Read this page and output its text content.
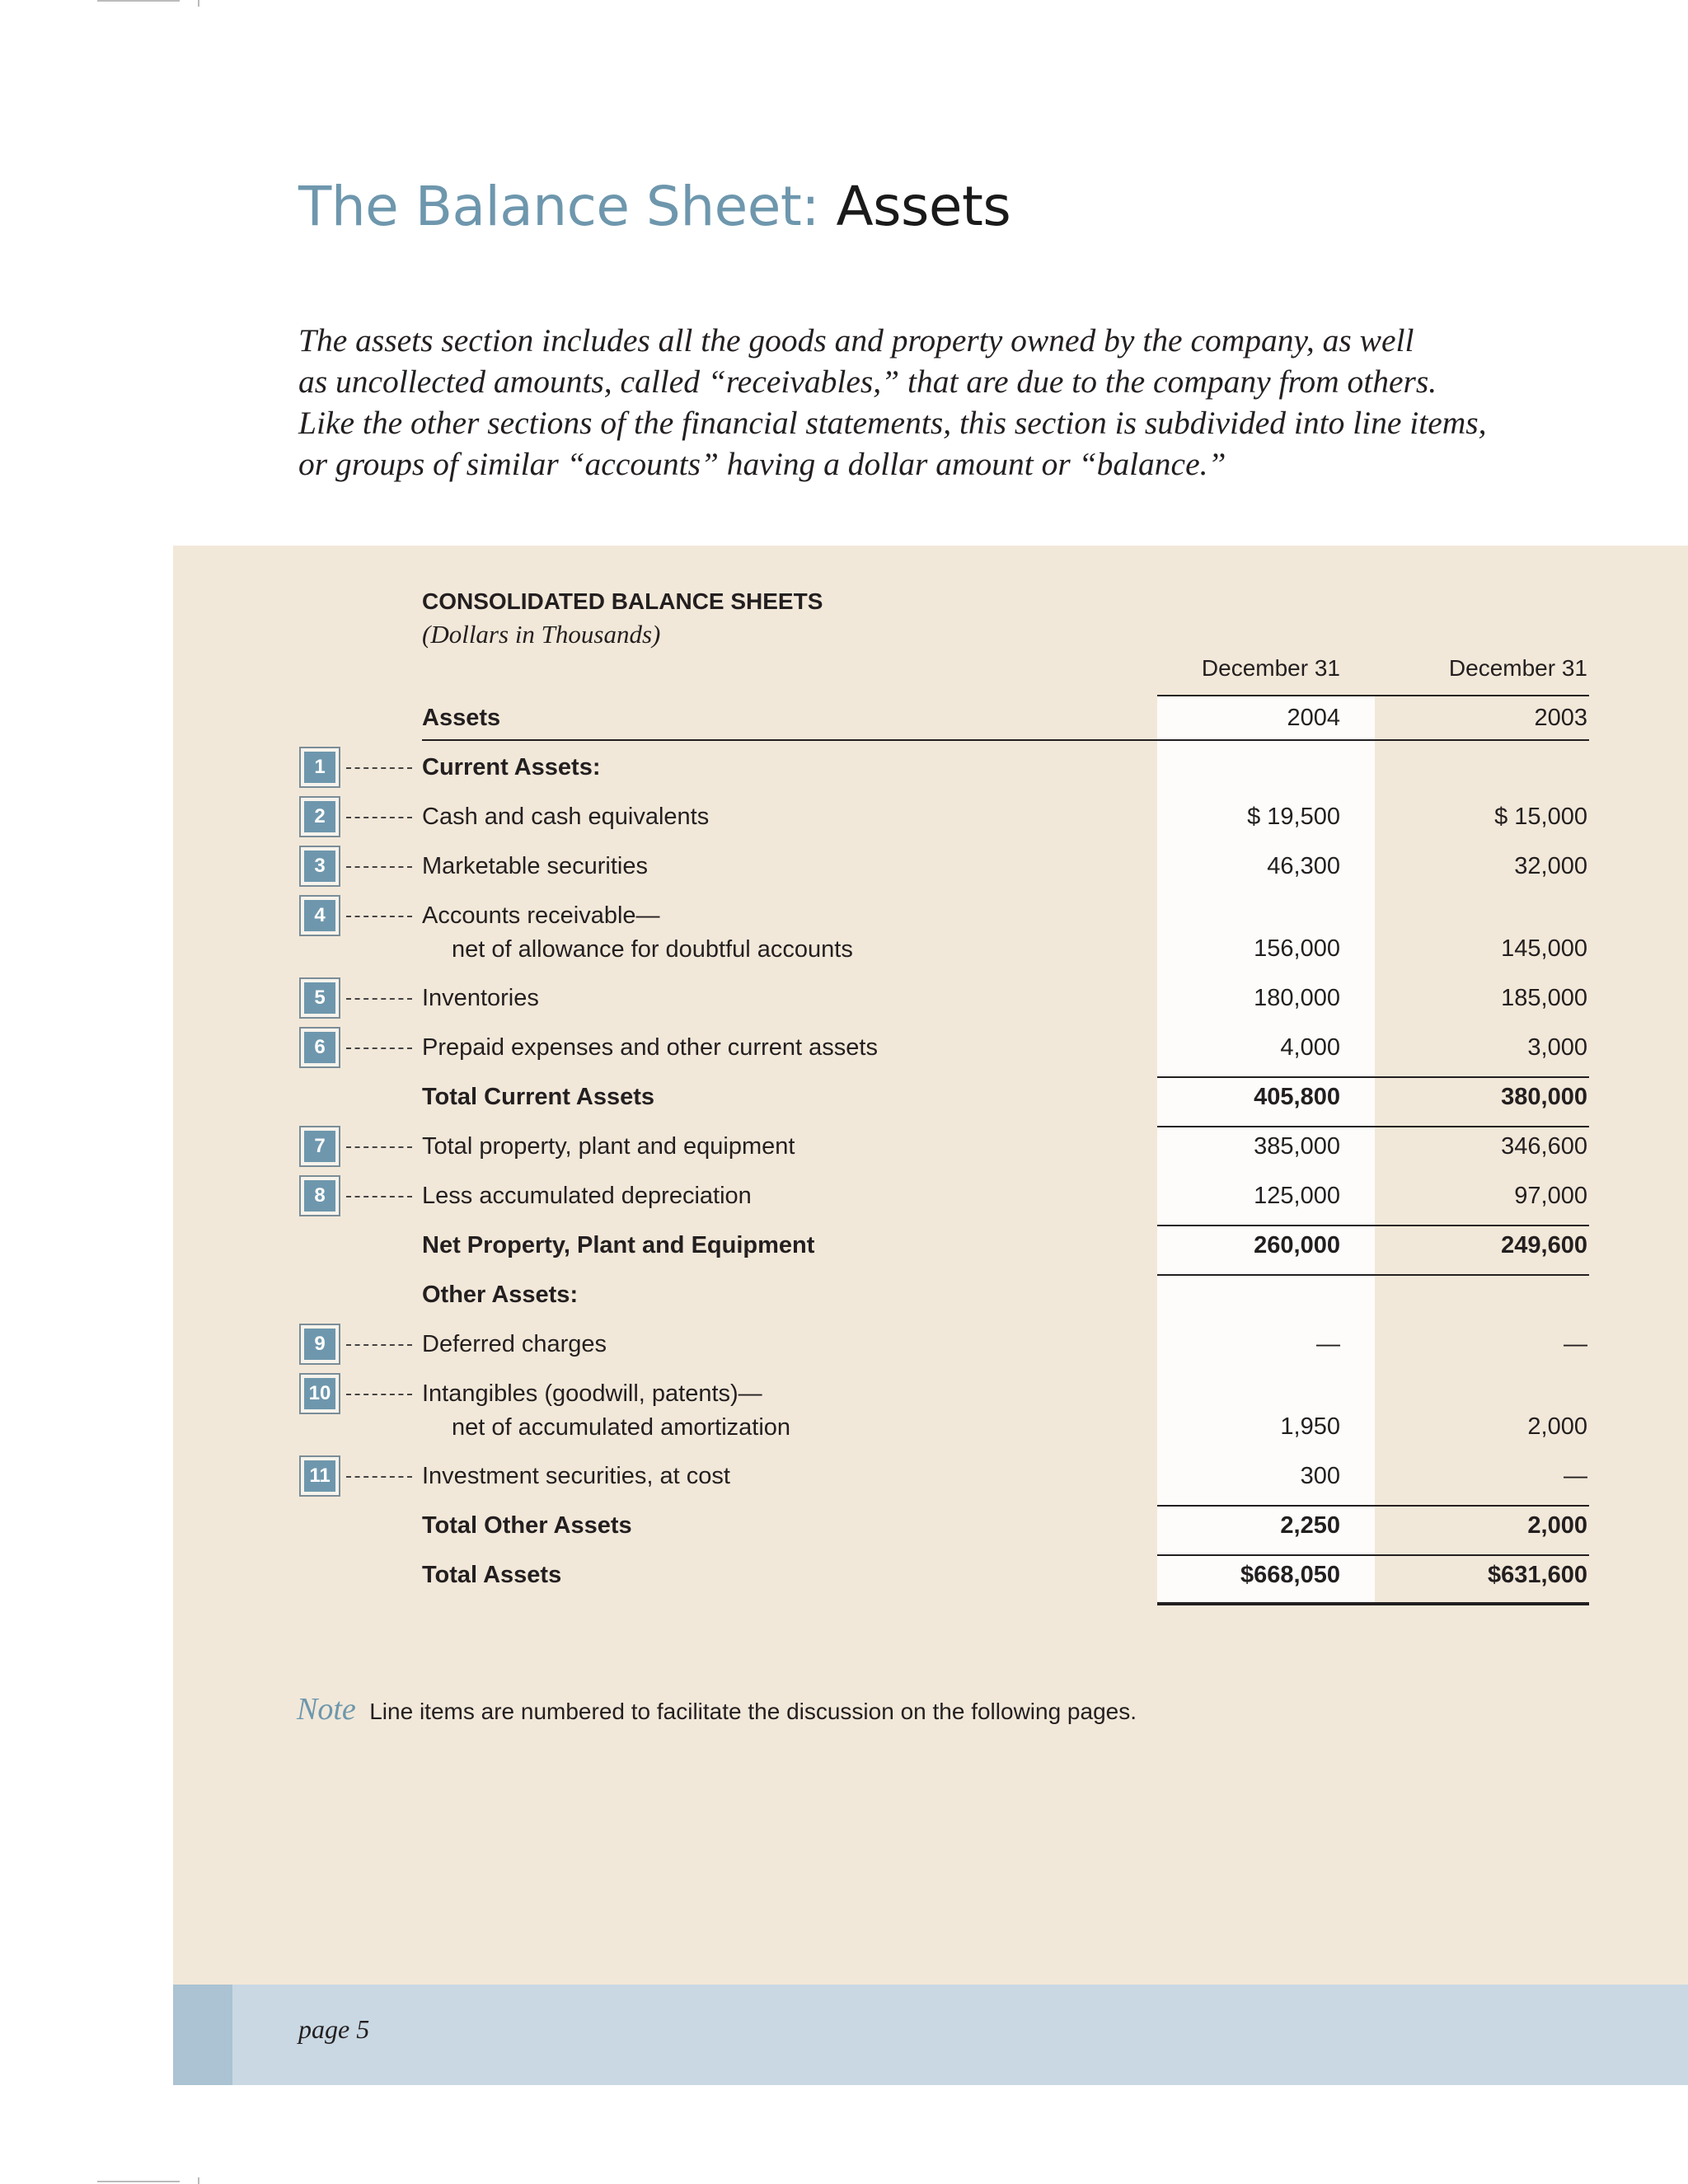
The Balance Sheet: Assets
The assets section includes all the goods and property owned by the company, as well
as uncollected amounts, called “receivables,” that are due to the company from others.
Like the other sections of the financial statements, this section is subdivided into line items,
or groups of similar “accounts” having a dollar amount or “balance.”
CONSOLIDATED BALANCE SHEETS
(Dollars in Thousands)
December 31	December 31
Assets	2004	2003
1	Current Assets:
2	Cash and cash equivalents	$ 19,500	$ 15,000
3	Marketable securities	46,300	32,000
4	Accounts receivable—
net of allowance for doubtful accounts	156,000	145,000
5	Inventories	180,000	185,000
6	Prepaid expenses and other current assets	4,000	3,000
Total Current Assets	405,800	380,000
7	Total property, plant and equipment	385,000	346,600
8	Less accumulated depreciation	125,000	97,000
Net Property, Plant and Equipment	260,000	249,600
Other Assets:
9	Deferred charges	—	—
10	Intangibles (goodwill, patents)—
net of accumulated amortization	1,950	2,000
11	Investment securities, at cost	300	—
Total Other Assets	2,250	2,000
Total Assets	$668,050	$631,600
Note Line items are numbered to facilitate the discussion on the following pages.
page 5
